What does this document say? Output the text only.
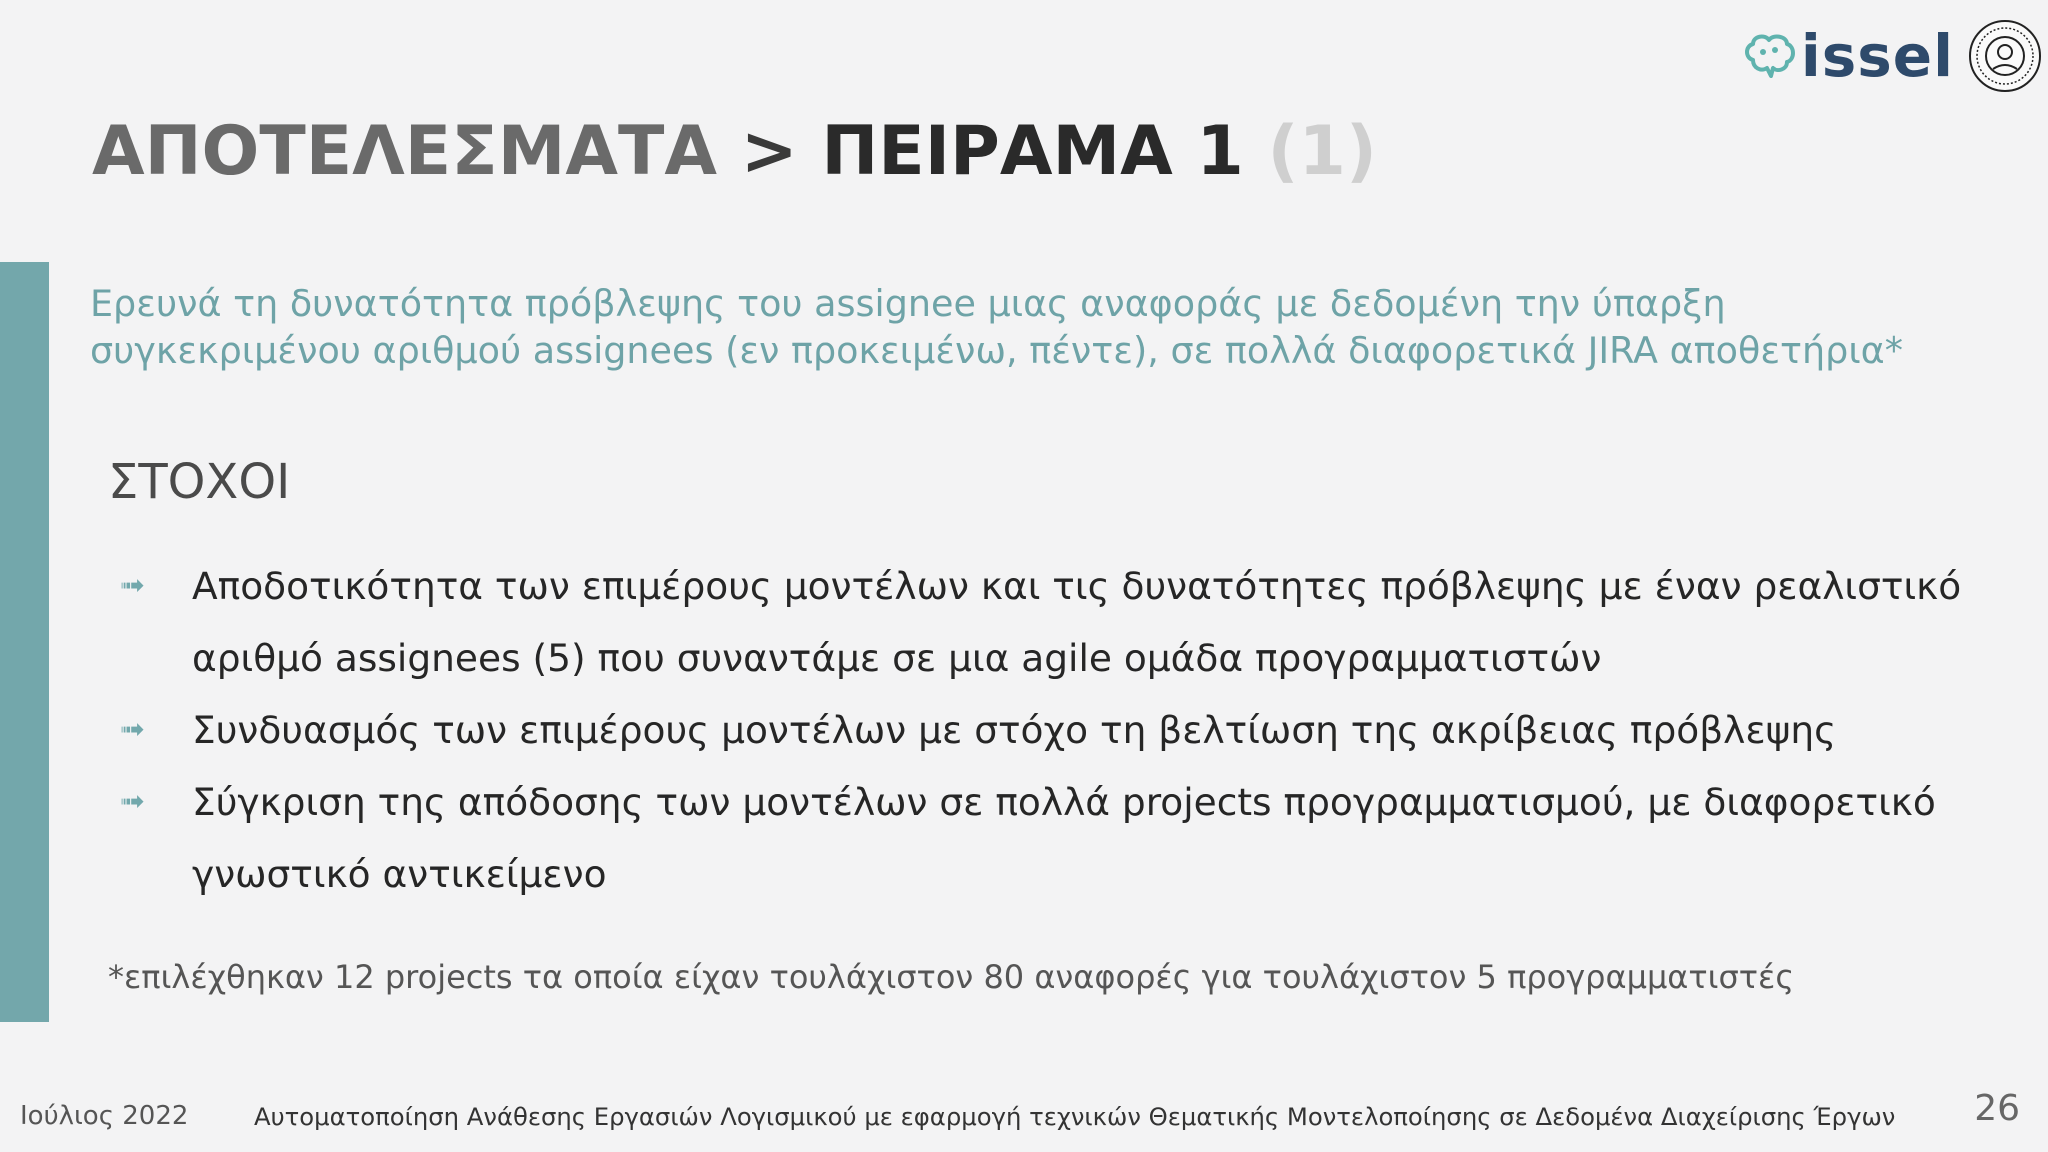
issel
ΑΠΟΤΕΛΕΣΜΑΤΑ > ΠΕΙΡΑΜΑ 1 (1)
Ερευνά τη δυνατότητα πρόβλεψης του assignee μιας αναφοράς με δεδομένη την ύπαρξη
συγκεκριμένου αριθμού assignees (εν προκειμένω, πέντε), σε πολλά διαφορετικά JIRA αποθετήρια*
ΣΤΟΧΟΙ
➟	Αποδοτικότητα των επιμέρους μοντέλων και τις δυνατότητες πρόβλεψης με έναν ρεαλιστικό
αριθμό assignees (5) που συναντάμε σε μια agile ομάδα προγραμματιστών
➟	Συνδυασμός των επιμέρους μοντέλων με στόχο τη βελτίωση της ακρίβειας πρόβλεψης
➟	Σύγκριση της απόδοσης των μοντέλων σε πολλά projects προγραμματισμού, με διαφορετικό
γνωστικό αντικείμενο
*επιλέχθηκαν 12 projects τα οποία είχαν τουλάχιστον 80 αναφορές για τουλάχιστον 5 προγραμματιστές
Ιούλιος 2022	Αυτοματοποίηση Ανάθεσης Εργασιών Λογισμικού με εφαρμογή τεχνικών Θεματικής Μοντελοποίησης σε Δεδομένα Διαχείρισης Έργων 26
